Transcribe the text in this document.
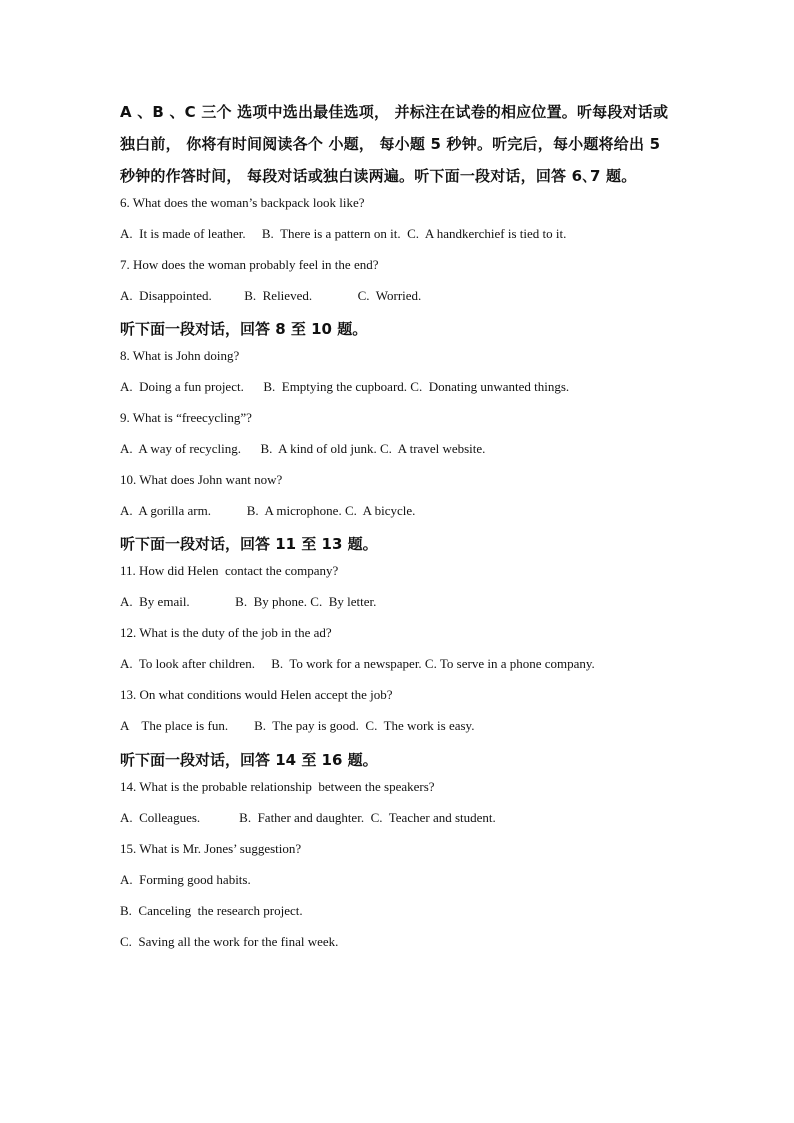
A 、B 、C 三个 选项中选出最佳选项， 并标注在试卷的相应位置。听每段对话或独白前， 你将有时间阅读各个 小题， 每小题 5 秒钟。听完后，每小题将给出 5 秒钟的作答时间， 每段对话或独白读两遍。听下面一段对话，回答 6､7 题。

6. What does the woman’s backpack look like?
A.  It is made of leather.     B.  There is a pattern on it.  C.  A handkerchief is tied to it.
7. How does the woman probably feel in the end?
A.  Disappointed.          B.  Relieved.              C.  Worried.
听下面一段对话，回答 8 至 10 题。
8. What is John doing?
A.  Doing a fun project.      B.  Emptying the cupboard. C.  Donating unwanted things.
9. What is “freecycling”?
A.  A way of recycling.      B.  A kind of old junk. C.  A travel website.
10. What does John want now?
A.  A gorilla arm.           B.  A microphone. C.  A bicycle.
听下面一段对话，回答 11 至 13 题。
11. How did Helen  contact the company?
A.  By email.              B.  By phone. C.  By letter.
12. What is the duty of the job in the ad?
A.  To look after children.     B.  To work for a newspaper. C. To serve in a phone company.
13. On what conditions would Helen accept the job?
A    The place is fun.        B.  The pay is good.  C.  The work is easy.
听下面一段对话，回答 14 至 16 题。
14. What is the probable relationship  between the speakers?
A.  Colleagues.            B.  Father and daughter.  C.  Teacher and student.
15. What is Mr. Jones’ suggestion?
A.  Forming good habits.
B.  Canceling  the research project.
C.  Saving all the work for the final week.
